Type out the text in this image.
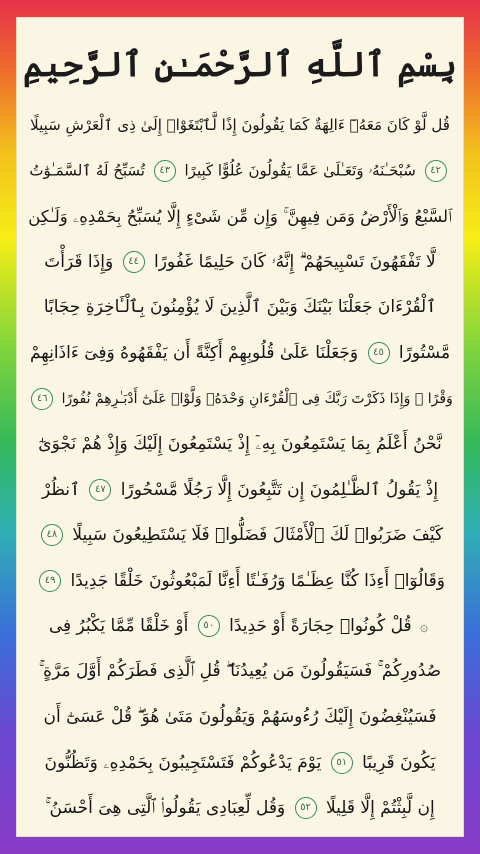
بِسْمِ ٱللَّهِ ٱلرَّحْمَـٰنِ ٱلرَّحِيمِ
قُل لَّوْ كَانَ مَعَهُۥٓ ءَالِهَةٌ كَمَا يَقُولُونَ إِذًا لَّٱبْتَغَوْا۟ إِلَىٰ ذِى ٱلْعَرْشِ سَبِيلًا
٤٢ سُبْحَـٰنَهُۥ وَتَعَـٰلَىٰ عَمَّا يَقُولُونَ عُلُوًّا كَبِيرًا ٤٣ تُسَبِّحُ لَهُ ٱلسَّمَـٰوَٰتُ
ٱلسَّبْعُ وَٱلْأَرْضُ وَمَن فِيهِنَّ ۚ وَإِن مِّن شَىْءٍ إِلَّا يُسَبِّحُ بِحَمْدِهِۦ وَلَـٰكِن
لَّا تَفْقَهُونَ تَسْبِيحَهُمْ ۗ إِنَّهُۥ كَانَ حَلِيمًا غَفُورًا ٤٤ وَإِذَا قَرَأْتَ
ٱلْقُرْءَانَ جَعَلْنَا بَيْنَكَ وَبَيْنَ ٱلَّذِينَ لَا يُؤْمِنُونَ بِٱلْـَٔاخِرَةِ حِجَابًا
مَّسْتُورًا ٤٥ وَجَعَلْنَا عَلَىٰ قُلُوبِهِمْ أَكِنَّةً أَن يَفْقَهُوهُ وَفِىٓ ءَاذَانِهِمْ
وَقْرًا ۚ وَإِذَا ذَكَرْتَ رَبَّكَ فِى ٱلْقُرْءَانِ وَحْدَهُۥ وَلَّوْا۟ عَلَىٰٓ أَدْبَـٰرِهِمْ نُفُورًا ٤٦
نَّحْنُ أَعْلَمُ بِمَا يَسْتَمِعُونَ بِهِۦٓ إِذْ يَسْتَمِعُونَ إِلَيْكَ وَإِذْ هُمْ نَجْوَىٰٓ
إِذْ يَقُولُ ٱلظَّـٰلِمُونَ إِن تَتَّبِعُونَ إِلَّا رَجُلًا مَّسْحُورًا ٤٧ ٱنظُرْ
كَيْفَ ضَرَبُوا۟ لَكَ ٱلْأَمْثَالَ فَضَلُّوا۟ فَلَا يَسْتَطِيعُونَ سَبِيلًا ٤٨
وَقَالُوٓا۟ أَءِذَا كُنَّا عِظَـٰمًا وَرُفَـٰتًا أَءِنَّا لَمَبْعُوثُونَ خَلْقًا جَدِيدًا ٤٩
۞ قُلْ كُونُوا۟ حِجَارَةً أَوْ حَدِيدًا ٥٠ أَوْ خَلْقًا مِّمَّا يَكْبُرُ فِى
صُدُورِكُمْ ۚ فَسَيَقُولُونَ مَن يُعِيدُنَا ۖ قُلِ ٱلَّذِى فَطَرَكُمْ أَوَّلَ مَرَّةٍ ۚ
فَسَيُنْغِضُونَ إِلَيْكَ رُءُوسَهُمْ وَيَقُولُونَ مَتَىٰ هُوَ ۖ قُلْ عَسَىٰٓ أَن
يَكُونَ قَرِيبًا ٥١ يَوْمَ يَدْعُوكُمْ فَتَسْتَجِيبُونَ بِحَمْدِهِۦ وَتَظُنُّونَ
إِن لَّبِثْتُمْ إِلَّا قَلِيلًا ٥٢ وَقُل لِّعِبَادِى يَقُولُوا۟ ٱلَّتِى هِىَ أَحْسَنُ ۚ
